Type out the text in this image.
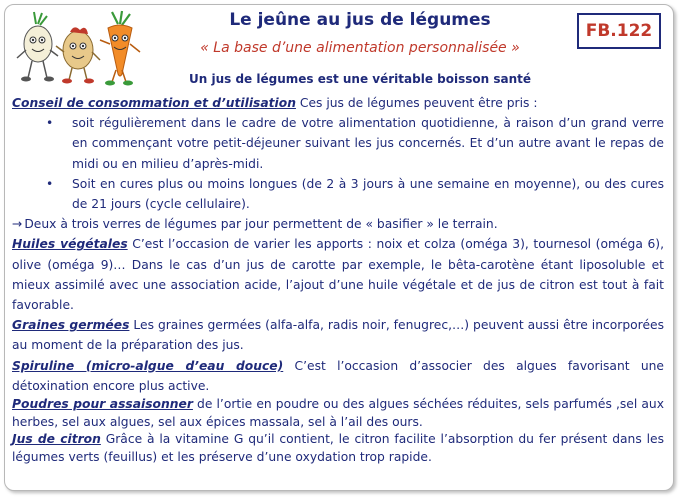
Le jeûne au jus de légumes
« La base d’une alimentation personnalisée »
FB.122
Un jus de légumes est une véritable boisson santé

Conseil de consommation et d’utilisation Ces jus de légumes peuvent être pris :

• soit régulièrement dans le cadre de votre alimentation quotidienne, à raison d’un grand verre en commençant votre petit-déjeuner suivant les jus concernés. Et d’un autre avant le repas de midi ou en milieu d’après-midi.
• Soit en cures plus ou moins longues (de 2 à 3 jours à une semaine en moyenne), ou des cures de 21 jours (cycle cellulaire).

→ Deux à trois verres de légumes par jour permettent de « basifier » le terrain.

Huiles végétales C’est l’occasion de varier les apports : noix et colza (oméga 3), tournesol (oméga 6), olive (oméga 9)… Dans le cas d’un jus de carotte par exemple, le bêta-carotène étant liposoluble et mieux assimilé avec une association acide, l’ajout d’une huile végétale et de jus de citron est tout à fait favorable.

Graines germées Les graines germées (alfa-alfa, radis noir, fenugrec,…) peuvent aussi être incorporées au moment de la préparation des jus.

Spiruline (micro-algue d’eau douce) C’est l’occasion d’associer des algues favorisant une détoxination encore plus active.

Poudres pour assaisonner de l’ortie en poudre ou des algues séchées réduites, sels parfumés ,sel aux herbes, sel aux algues, sel aux épices massala, sel à l’ail des ours.

Jus de citron Grâce à la vitamine G qu’il contient, le citron facilite l’absorption du fer présent dans les légumes verts (feuillus) et les préserve d’une oxydation trop rapide.
